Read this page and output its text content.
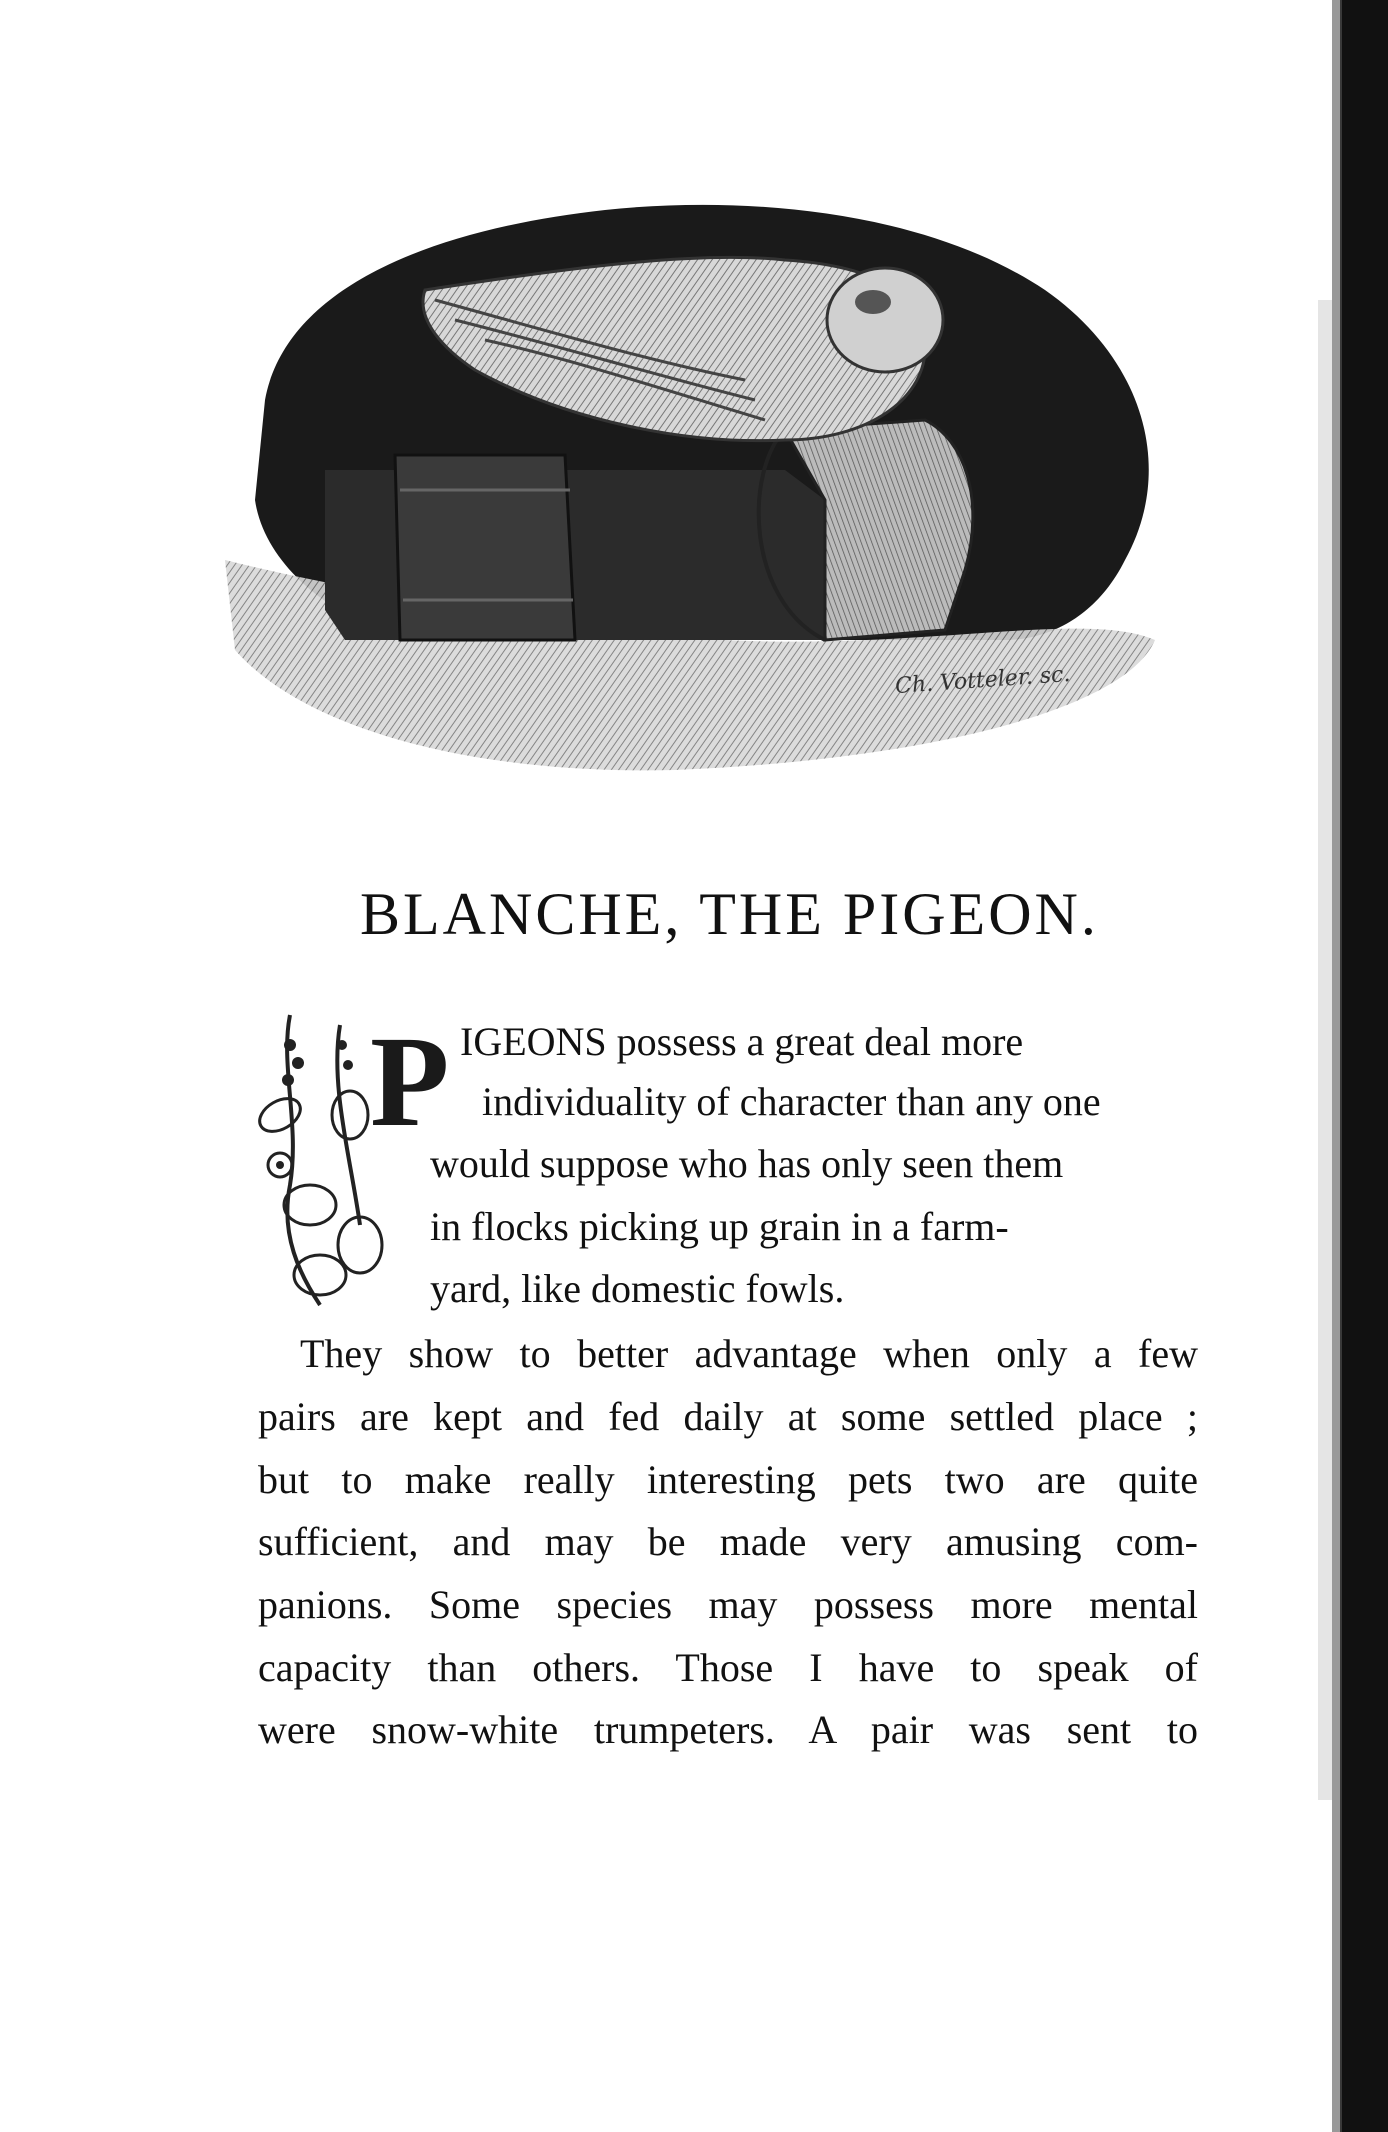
Ch. Votteler. sc.
BLANCHE, THE PIGEON.
P IGEONS possess a great deal more

individuality of character than any one

would suppose who has only seen them

in flocks picking up grain in a farm-

yard, like domestic fowls.

They show to better advantage when only a few

pairs are kept and fed daily at some settled place ;

but to make really interesting pets two are quite

sufficient, and may be made very amusing com-

panions. Some species may possess more mental

capacity than others. Those I have to speak of

were snow-white trumpeters. A pair was sent to
